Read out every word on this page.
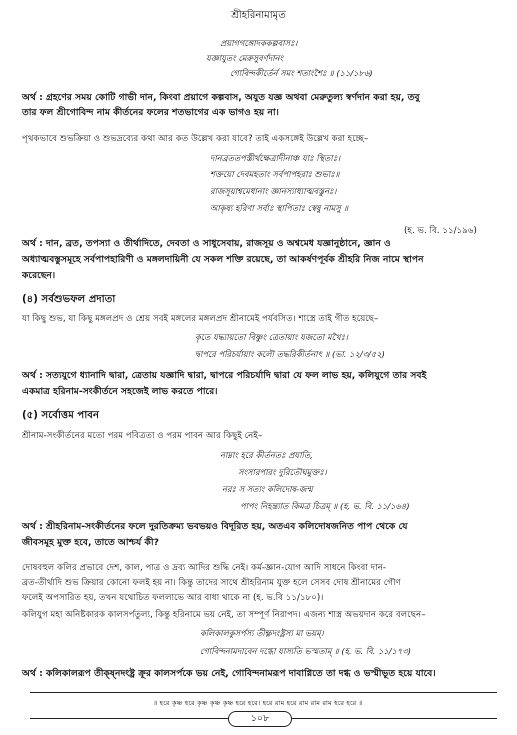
শ্রীহরিনামামৃত
প্রয়াগগঙ্গোদককল্পবাসঃ।
যজ্ঞাযুতং মেরুসুবর্ণদানং
গোবিন্দকীর্তের্ন সমং শতাংশৈঃ ॥ (১১/১৮৬)
অর্থ : গ্রহণের সময় কোটি গাভী দান, কিংবা প্রয়াগে কল্পবাস, অযুত যজ্ঞ অথবা মেরুতুল্য স্বর্ণদান করা হয়, তবু
তার ফল শ্রীগোবিন্দ নাম কীর্তনের ফলের শতভাগের এক ভাগও হয় না।
পৃথকভাবে শুভক্রিয়া ও শুভদ্রব্যের কথা আর কত উল্লেখ করা যাবে? তাই একসঙ্গেই উল্লেখ করা হচ্ছে–
দানব্রততপস্তীর্থক্ষেত্রাদীনাঞ্চ যাঃ স্থিতাঃ।
শক্তয়ো দেবমহতাং সর্বপাপহরাঃ শুভাঃ॥
রাজসূয়াশ্বমেধানাং জ্ঞানস্যাধ্যাত্মবস্তুনঃ।
আকৃষ্য হরিণা সর্বাঃ স্থাপিতাঃ স্বেষু নামসু ॥
(হ. ভ. বি. ১১/১৯৬)
অর্থ : দান, ব্রত, তপস্যা ও তীর্থাদিতে, দেবতা ও সাধুসেবায়, রাজসূয় ও অশ্বমেধ যজ্ঞানুষ্ঠানে, জ্ঞান ও
অধ্যাত্মবস্তুসমূহে সর্বপাপহারিণী ও মঙ্গলদায়িনী যে সকল শক্তি রয়েছে, তা আকর্ষণপূর্বক শ্রীহরি নিজ নামে স্থাপন
করেছেন।
(৪) সর্বশুভফল প্রদাতা
যা কিছু শুভ, যা কিছু মঙ্গলপ্রদ ও শ্রেয় সবই মঙ্গলের মঙ্গলপ্রদ শ্রীনামেই পর্যবসিত। শাস্ত্রে তাই গীত হয়েছে–
কৃতে যদ্ধ্যায়তো বিষ্ণুং ত্রেতায়াং যজতো মখৈঃ।
দ্বাপরে পরিচর্যায়াং কলৌ তদ্ধরিকীর্তনাৎ ॥ (ভা. ১২/৩/৫২)
অর্থ : সত্যযুগে ধ্যানাদি দ্বারা, ত্রেতায় যজ্ঞাদি দ্বারা, দ্বাপরে পরিচর্যাদি দ্বারা যে ফল লাভ হয়, কলিযুগে তার সবই
একমাত্র হরিনাম-সংকীর্তনে সহজেই লাভ করতে পারে।
(৫) সর্বোত্তম পাবন
শ্রীনাম-সংকীর্তনের মতো পরম পবিত্রতা ও পরম পাবন আর কিছুই নেই–
নাম্নাং হরে কীর্তনতঃ প্রযাতি,
সংসারপারং দুরিতৌঘমুক্তঃ।
নরঃ স সত্যং কলিদোষ-জন্ম
পাপং নিহন্ত্যাত কিমত্র চিত্রম্ ॥ (হ. ভ. বি. ১১/১৬৪)
অর্থ : শ্রীহরিনাম-সংকীর্তনের ফলে দুরতিক্রম্য ভবভয়ও বিদূরিত হয়, অতএব কলিদোষজনিত পাপ থেকে যে
জীবসমূহ মুক্ত হবে, তাতে আশ্চর্য কী?
দোষবহুল কলির প্রভাবে দেশ, কাল, পাত্র ও দ্রব্য আদির শুদ্ধি নেই। কর্ম-জ্ঞান-যোগ আদি সাধনে কিংবা দান-
ব্রত-তীর্থাদি শুভ ক্রিয়ার কোনো ফলই হয় না। কিন্তু তাদের সাথে শ্রীহরিনাম যুক্ত হলে সেসব দোষ শ্রীনামের গৌণ
ফলেই অপসারিত হয়, তখন যথোচিত ফললাভে আর বাধা থাকে না (হ. ভ.বি ১১/১৮০)।
কলিযুগ মহা অনিষ্টকারক কালসর্পতুল্য, কিন্তু হরিনামে ভয় নেই, তা সম্পূর্ণ নিরাপদ। এজন্য শাস্ত্র অভয়দান করে বলছেন–
কলিকালকুসর্পস্য তীক্ষ্ণদংষ্ট্রস্য মা ভয়ম্।
গোবিন্দনামদাবেন দগ্ধো যাস্যতি ভস্মতাম্ ॥ (হ. ভ. বি. ১১/১৭৩)
অর্থ : কলিকালরূপ তীক্ষ্নদংষ্ট্র ক্রূর কালসর্পকে ভয় নেই, গোবিন্দনামরূপ দাবাগ্নিতে তা দগ্ধ ও ভস্মীভূত হয়ে যাবে।
॥ হরে কৃষ্ণ হরে কৃষ্ণ কৃষ্ণ কৃষ্ণ হরে হরে। হরে রাম হরে রাম রাম রাম হরে হরে ॥
১০৮
